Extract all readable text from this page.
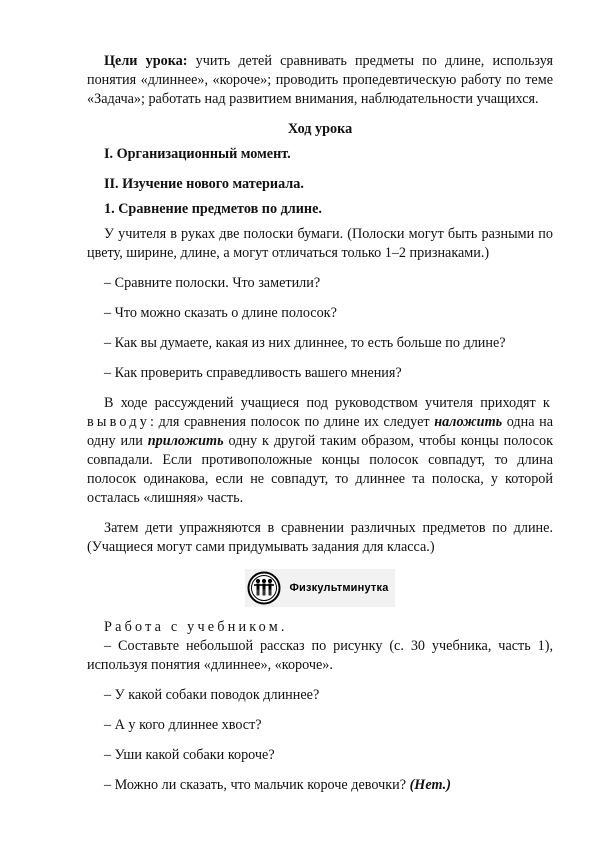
Цели урока: учить детей сравнивать предметы по длине, используя понятия «длиннее», «короче»; проводить пропедевтическую работу по теме «Задача»; работать над развитием внимания, наблюдательности учащихся.

Ход урока

I. Организационный момент.

II. Изучение нового материала.

1. Сравнение предметов по длине.

У учителя в руках две полоски бумаги. (Полоски могут быть разными по цвету, ширине, длине, а могут отличаться только 1–2 признаками.)

– Сравните полоски. Что заметили?

– Что можно сказать о длине полосок?

– Как вы думаете, какая из них длиннее, то есть больше по длине?

– Как проверить справедливость вашего мнения?

В ходе рассуждений учащиеся под руководством учителя приходят к выводу: для сравнения полосок по длине их следует наложить одна на одну или приложить одну к другой таким образом, чтобы концы полосок совпадали. Если противоположные концы полосок совпадут, то длина полосок одинакова, если не совпадут, то длиннее та полоска, у которой осталась «лишняя» часть.

Затем дети упражняются в сравнении различных предметов по длине. (Учащиеся могут сами придумывать задания для класса.)

Физкультминутка

Работа с учебником.

– Составьте небольшой рассказ по рисунку (с. 30 учебника, часть 1), используя понятия «длиннее», «короче».

– У какой собаки поводок длиннее?

– А у кого длиннее хвост?

– Уши какой собаки короче?

– Можно ли сказать, что мальчик короче девочки? (Нет.)
